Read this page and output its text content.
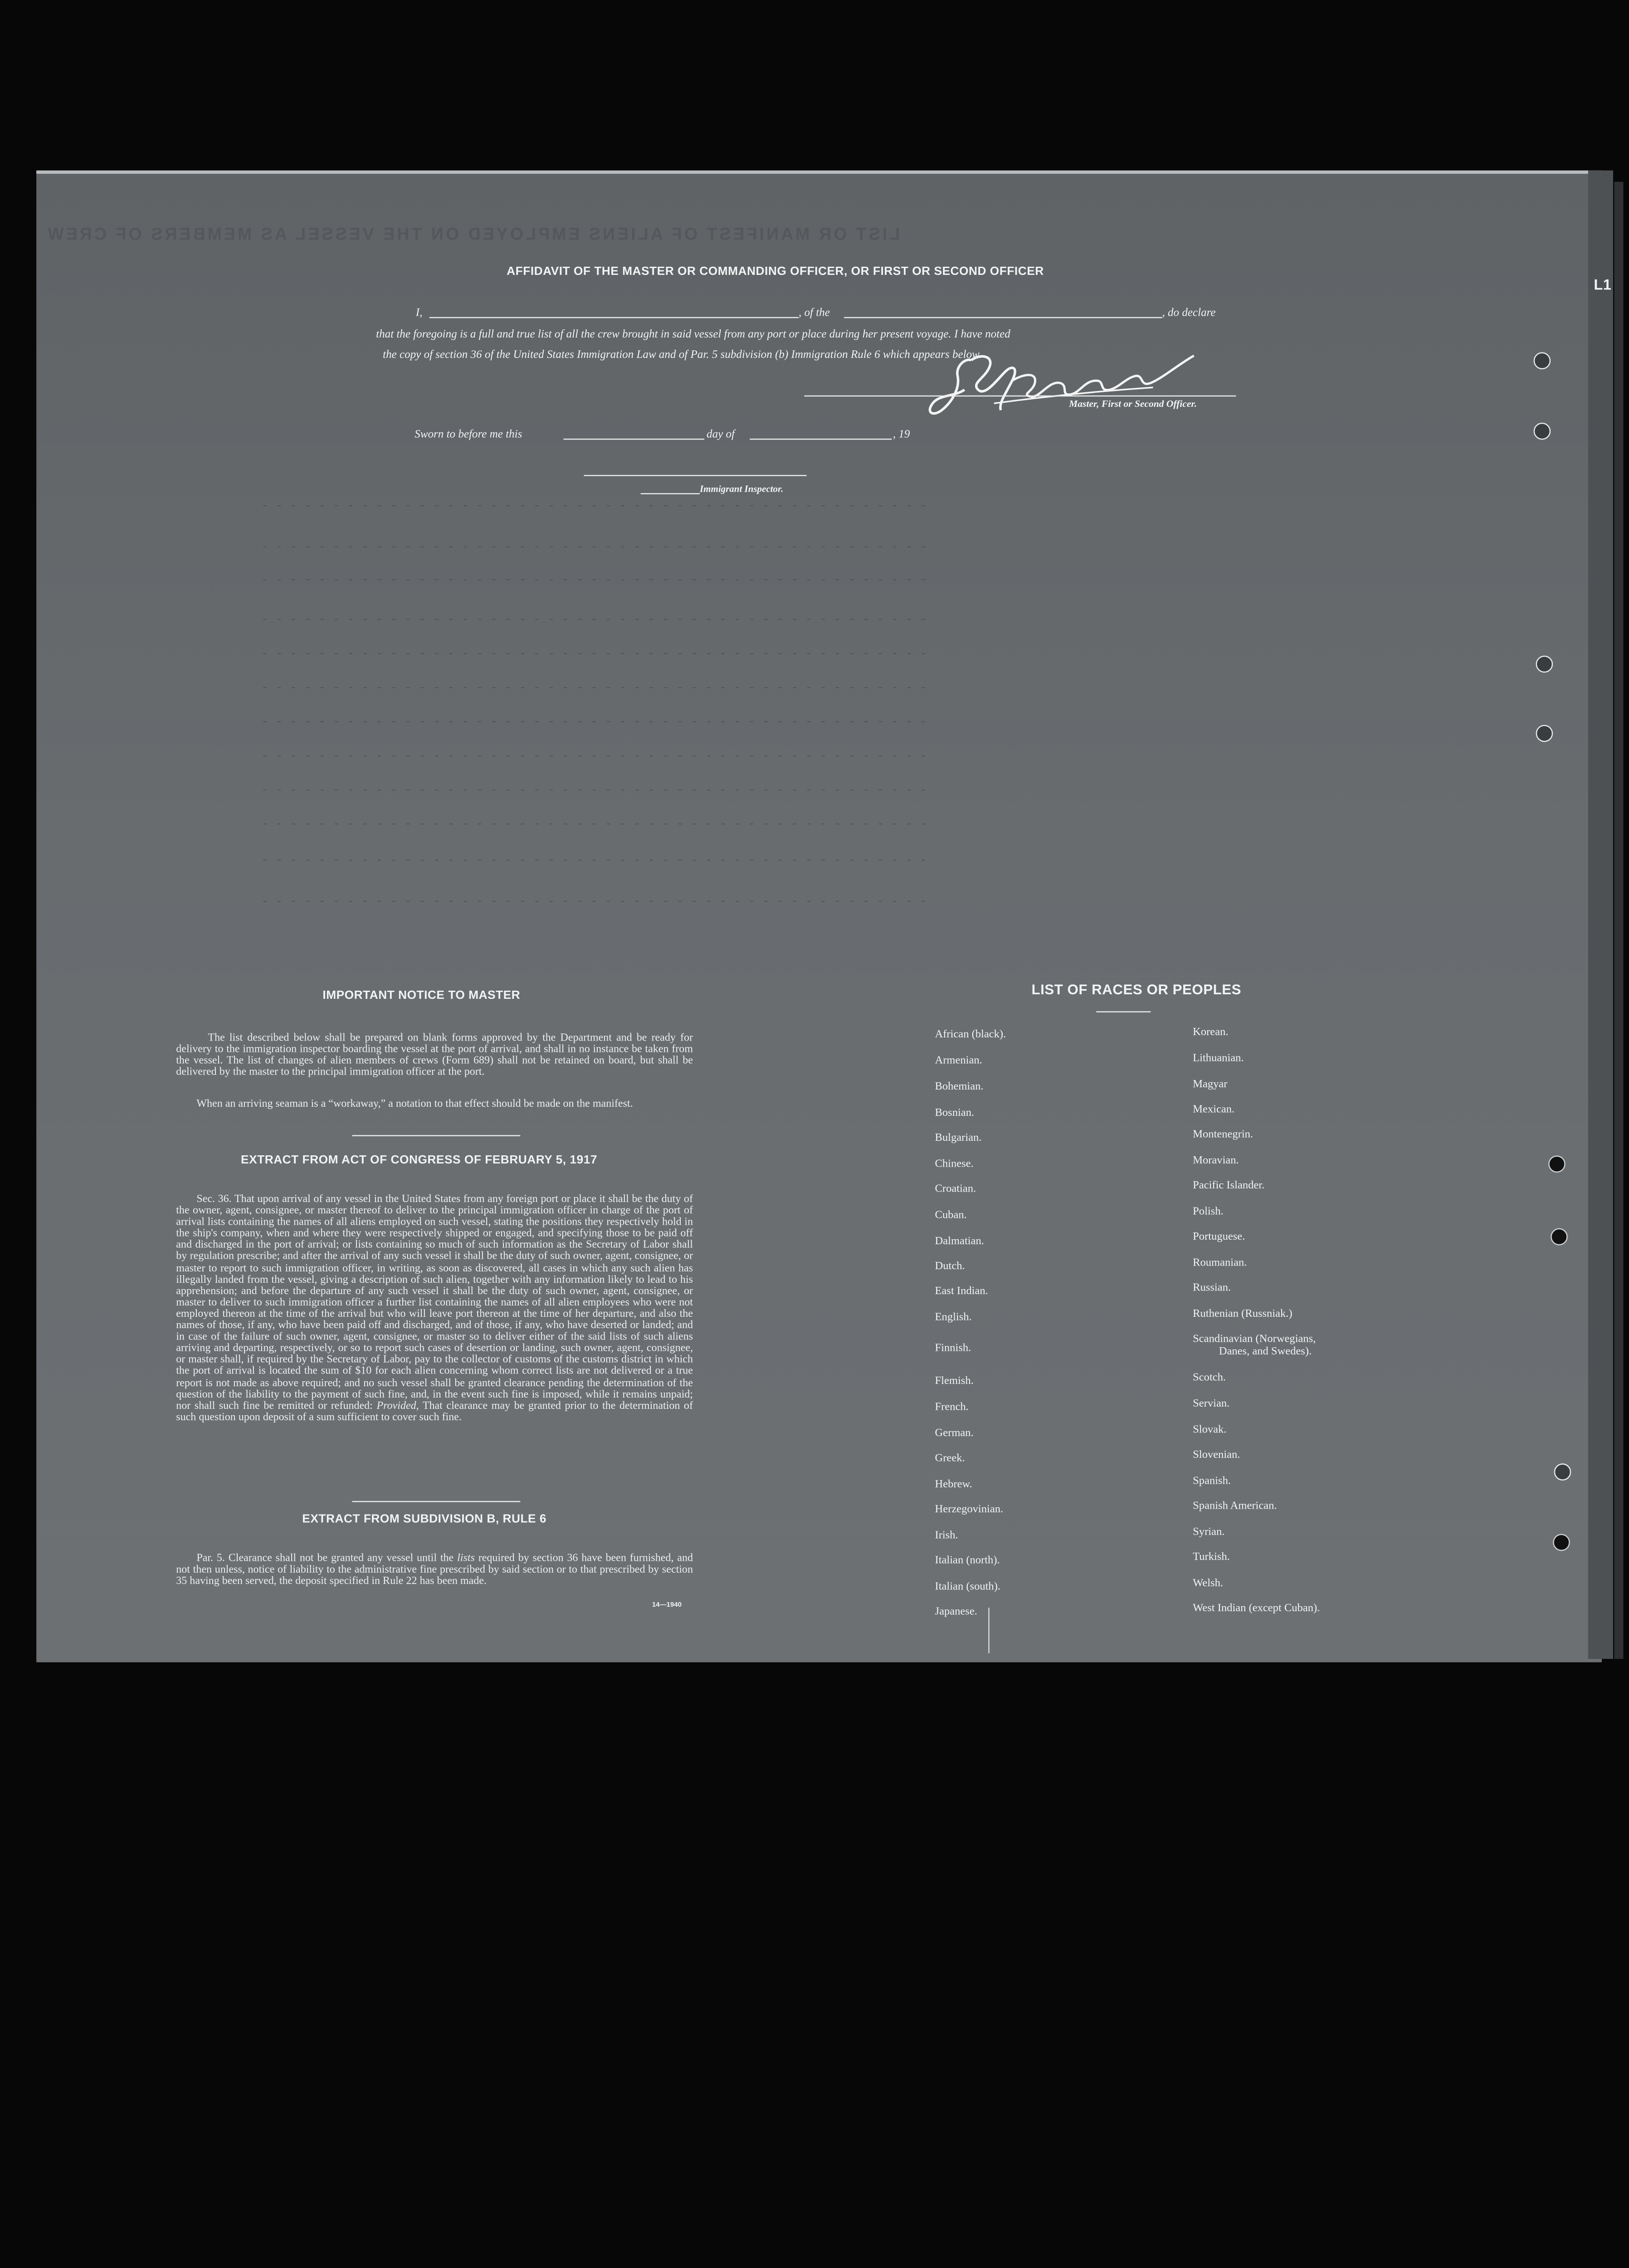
L1
LIST OR MANIFEST OF ALIENS EMPLOYED ON THE VESSEL AS MEMBERS OF CREW
- - - - - - - - - - - - - - - - - - - - - - - - - - - - - - - - - - - - - - - - - - - - - - -
- - - - - - - - - - - - - - - - - - - - - - - - - - - - - - - - - - - - - - - - - - - - - - -
- - - - - - - - - - - - - - - - - - - - - - - - - - - - - - - - - - - - - - - - - - - - - - -
- - - - - - - - - - - - - - - - - - - - - - - - - - - - - - - - - - - - - - - - - - - - - - -
- - - - - - - - - - - - - - - - - - - - - - - - - - - - - - - - - - - - - - - - - - - - - - -
- - - - - - - - - - - - - - - - - - - - - - - - - - - - - - - - - - - - - - - - - - - - - - -
- - - - - - - - - - - - - - - - - - - - - - - - - - - - - - - - - - - - - - - - - - - - - - -
- - - - - - - - - - - - - - - - - - - - - - - - - - - - - - - - - - - - - - - - - - - - - - -
- - - - - - - - - - - - - - - - - - - - - - - - - - - - - - - - - - - - - - - - - - - - - - -
- - - - - - - - - - - - - - - - - - - - - - - - - - - - - - - - - - - - - - - - - - - - - - -
- - - - - - - - - - - - - - - - - - - - - - - - - - - - - - - - - - - - - - - - - - - - - - -
- - - - - - - - - - - - - - - - - - - - - - - - - - - - - - - - - - - - - - - - - - - - - - -
AFFIDAVIT OF THE MASTER OR COMMANDING OFFICER, OR FIRST OR SECOND OFFICER
I,	, of the	, do declare
that the foregoing is a full and true list of all the crew brought in said vessel from any port or place during her present voyage. I have noted
the copy of section 36 of the United States Immigration Law and of Par. 5 subdivision (b) Immigration Rule 6 which appears below.
Master, First or Second Officer.
Sworn to before me this	day of	, 19
Immigrant Inspector.
IMPORTANT NOTICE TO MASTER
The list described below shall be prepared on blank forms approved by the Department and be ready for delivery to the immigration inspector boarding the vessel at the port of arrival, and shall in no instance be taken from the vessel. The list of changes of alien members of crews (Form 689) shall not be retained on board, but shall be delivered by the master to the principal immigration officer at the port.
When an arriving seaman is a “workaway,” a notation to that effect should be made on the manifest.
EXTRACT FROM ACT OF CONGRESS OF FEBRUARY 5, 1917
Sec. 36. That upon arrival of any vessel in the United States from any foreign port or place it shall be the duty of the owner, agent, consignee, or master thereof to deliver to the principal immigration officer in charge of the port of arrival lists containing the names of all aliens employed on such vessel, stating the positions they respectively hold in the ship's company, when and where they were respectively shipped or engaged, and specifying those to be paid off and discharged in the port of arrival; or lists containing so much of such information as the Secretary of Labor shall by regulation prescribe; and after the arrival of any such vessel it shall be the duty of such owner, agent, consignee, or master to report to such immigration officer, in writing, as soon as discovered, all cases in which any such alien has illegally landed from the vessel, giving a description of such alien, together with any information likely to lead to his apprehension; and before the departure of any such vessel it shall be the duty of such owner, agent, consignee, or master to deliver to such immigration officer a further list containing the names of all alien employees who were not employed thereon at the time of the arrival but who will leave port thereon at the time of her departure, and also the names of those, if any, who have been paid off and discharged, and of those, if any, who have deserted or landed; and in case of the failure of such owner, agent, consignee, or master so to deliver either of the said lists of such aliens arriving and departing, respectively, or so to report such cases of desertion or landing, such owner, agent, consignee, or master shall, if required by the Secretary of Labor, pay to the collector of customs of the customs district in which the port of arrival is located the sum of $10 for each alien concerning whom correct lists are not delivered or a true report is not made as above required; and no such vessel shall be granted clearance pending the determination of the question of the liability to the payment of such fine, and, in the event such fine is imposed, while it remains unpaid; nor shall such fine be remitted or refunded: Provided, That clearance may be granted prior to the determination of such question upon deposit of a sum sufficient to cover such fine.
EXTRACT FROM SUBDIVISION B, RULE 6
Par. 5. Clearance shall not be granted any vessel until the lists required by section 36 have been furnished, and not then unless, notice of liability to the administrative fine prescribed by said section or to that prescribed by section 35 having been served, the deposit specified in Rule 22 has been made.
14—1940
LIST OF RACES OR PEOPLES
African (black).
Armenian.
Bohemian.
Bosnian.
Bulgarian.
Chinese.
Croatian.
Cuban.
Dalmatian.
Dutch.
East Indian.
English.
Finnish.
Flemish.
French.
German.
Greek.
Hebrew.
Herzegovinian.
Irish.
Italian (north).
Italian (south).
Japanese.
Korean.
Lithuanian.
Magyar
Mexican.
Montenegrin.
Moravian.
Pacific Islander.
Polish.
Portuguese.
Roumanian.
Russian.
Ruthenian (Russniak.)
Scandinavian (Norwegians,
Danes, and Swedes).
Scotch.
Servian.
Slovak.
Slovenian.
Spanish.
Spanish American.
Syrian.
Turkish.
Welsh.
West Indian (except Cuban).
